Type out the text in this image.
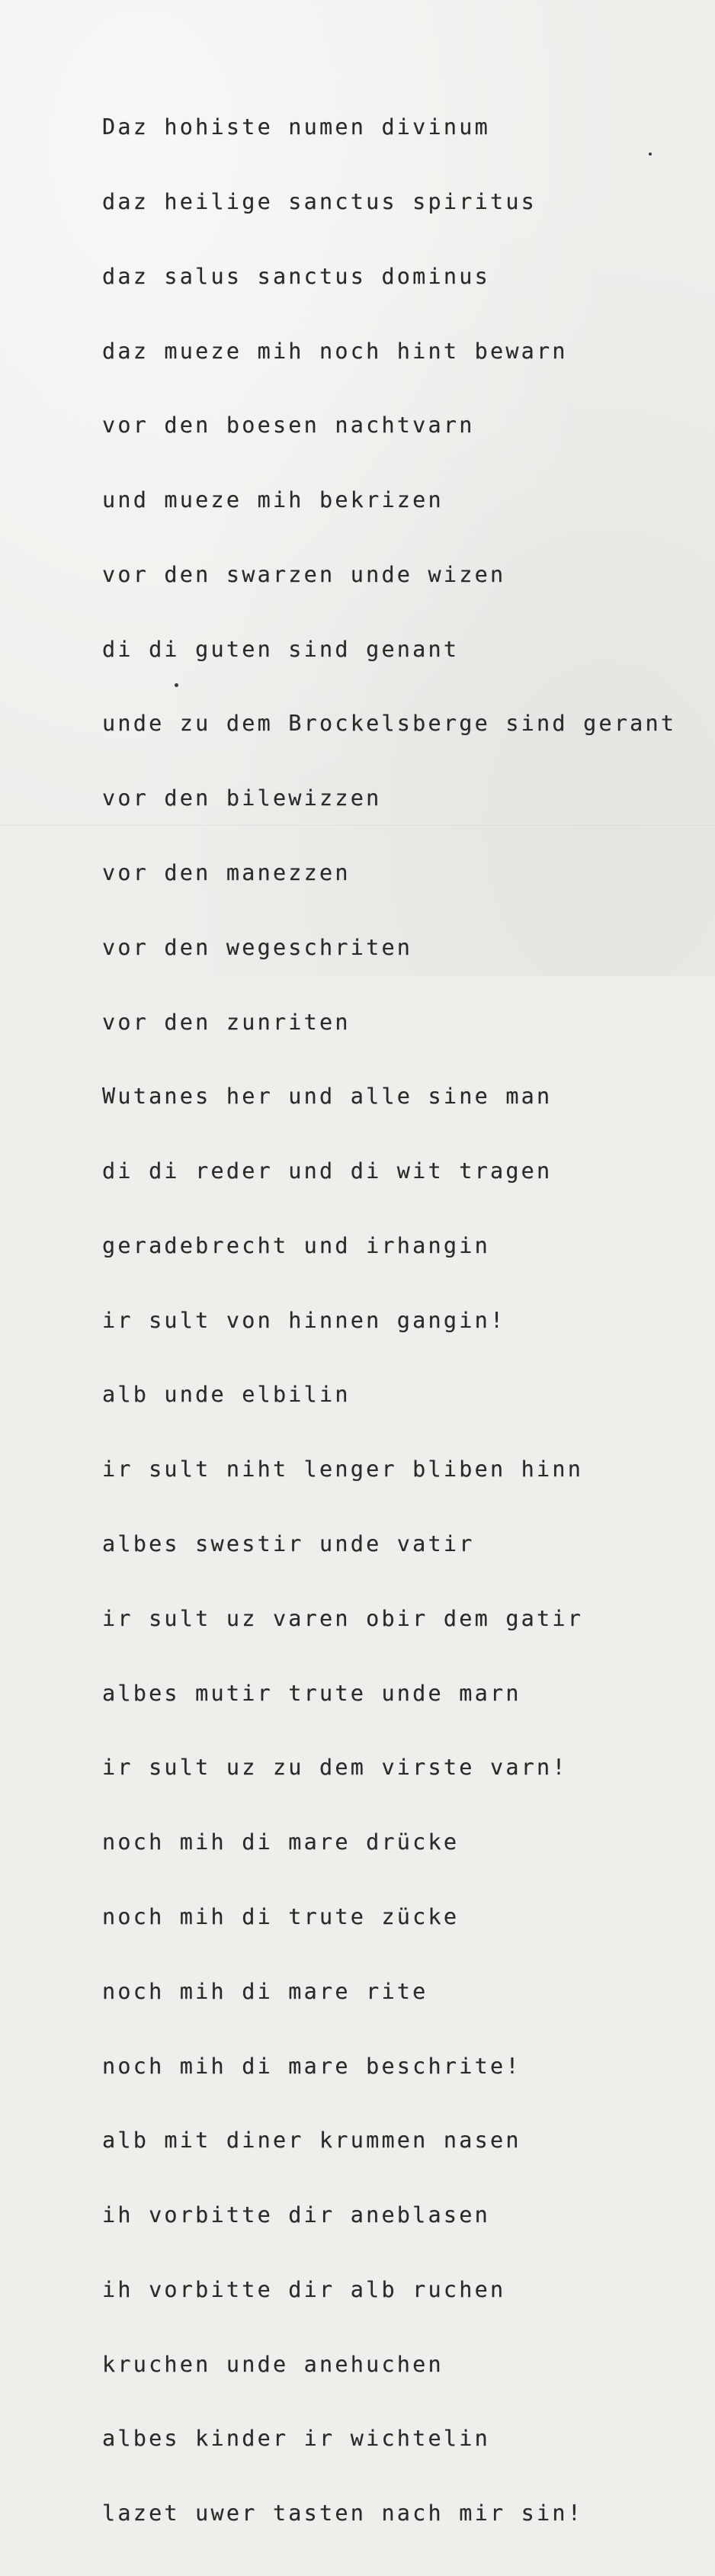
Daz hohiste numen divinum

daz heilige sanctus spiritus

daz salus sanctus dominus

daz mueze mih noch hint bewarn

vor den boesen nachtvarn

und mueze mih bekrizen

vor den swarzen unde wizen

di di guten sind genant

unde zu dem Brockelsberge sind gerant

vor den bilewizzen

vor den manezzen

vor den wegeschriten

vor den zunriten

Wutanes her und alle sine man

di di reder und di wit tragen

geradebrecht und irhangin

ir sult von hinnen gangin!

alb unde elbilin

ir sult niht lenger bliben hinn

albes swestir unde vatir

ir sult uz varen obir dem gatir

albes mutir trute unde marn

ir sult uz zu dem virste varn!

noch mih di mare drücke

noch mih di trute zücke

noch mih di mare rite

noch mih di mare beschrite!

alb mit diner krummen nasen

ih vorbitte dir aneblasen

ih vorbitte dir alb ruchen

kruchen unde anehuchen

albes kinder ir wichtelin

lazet uwer tasten nach mir sin!
